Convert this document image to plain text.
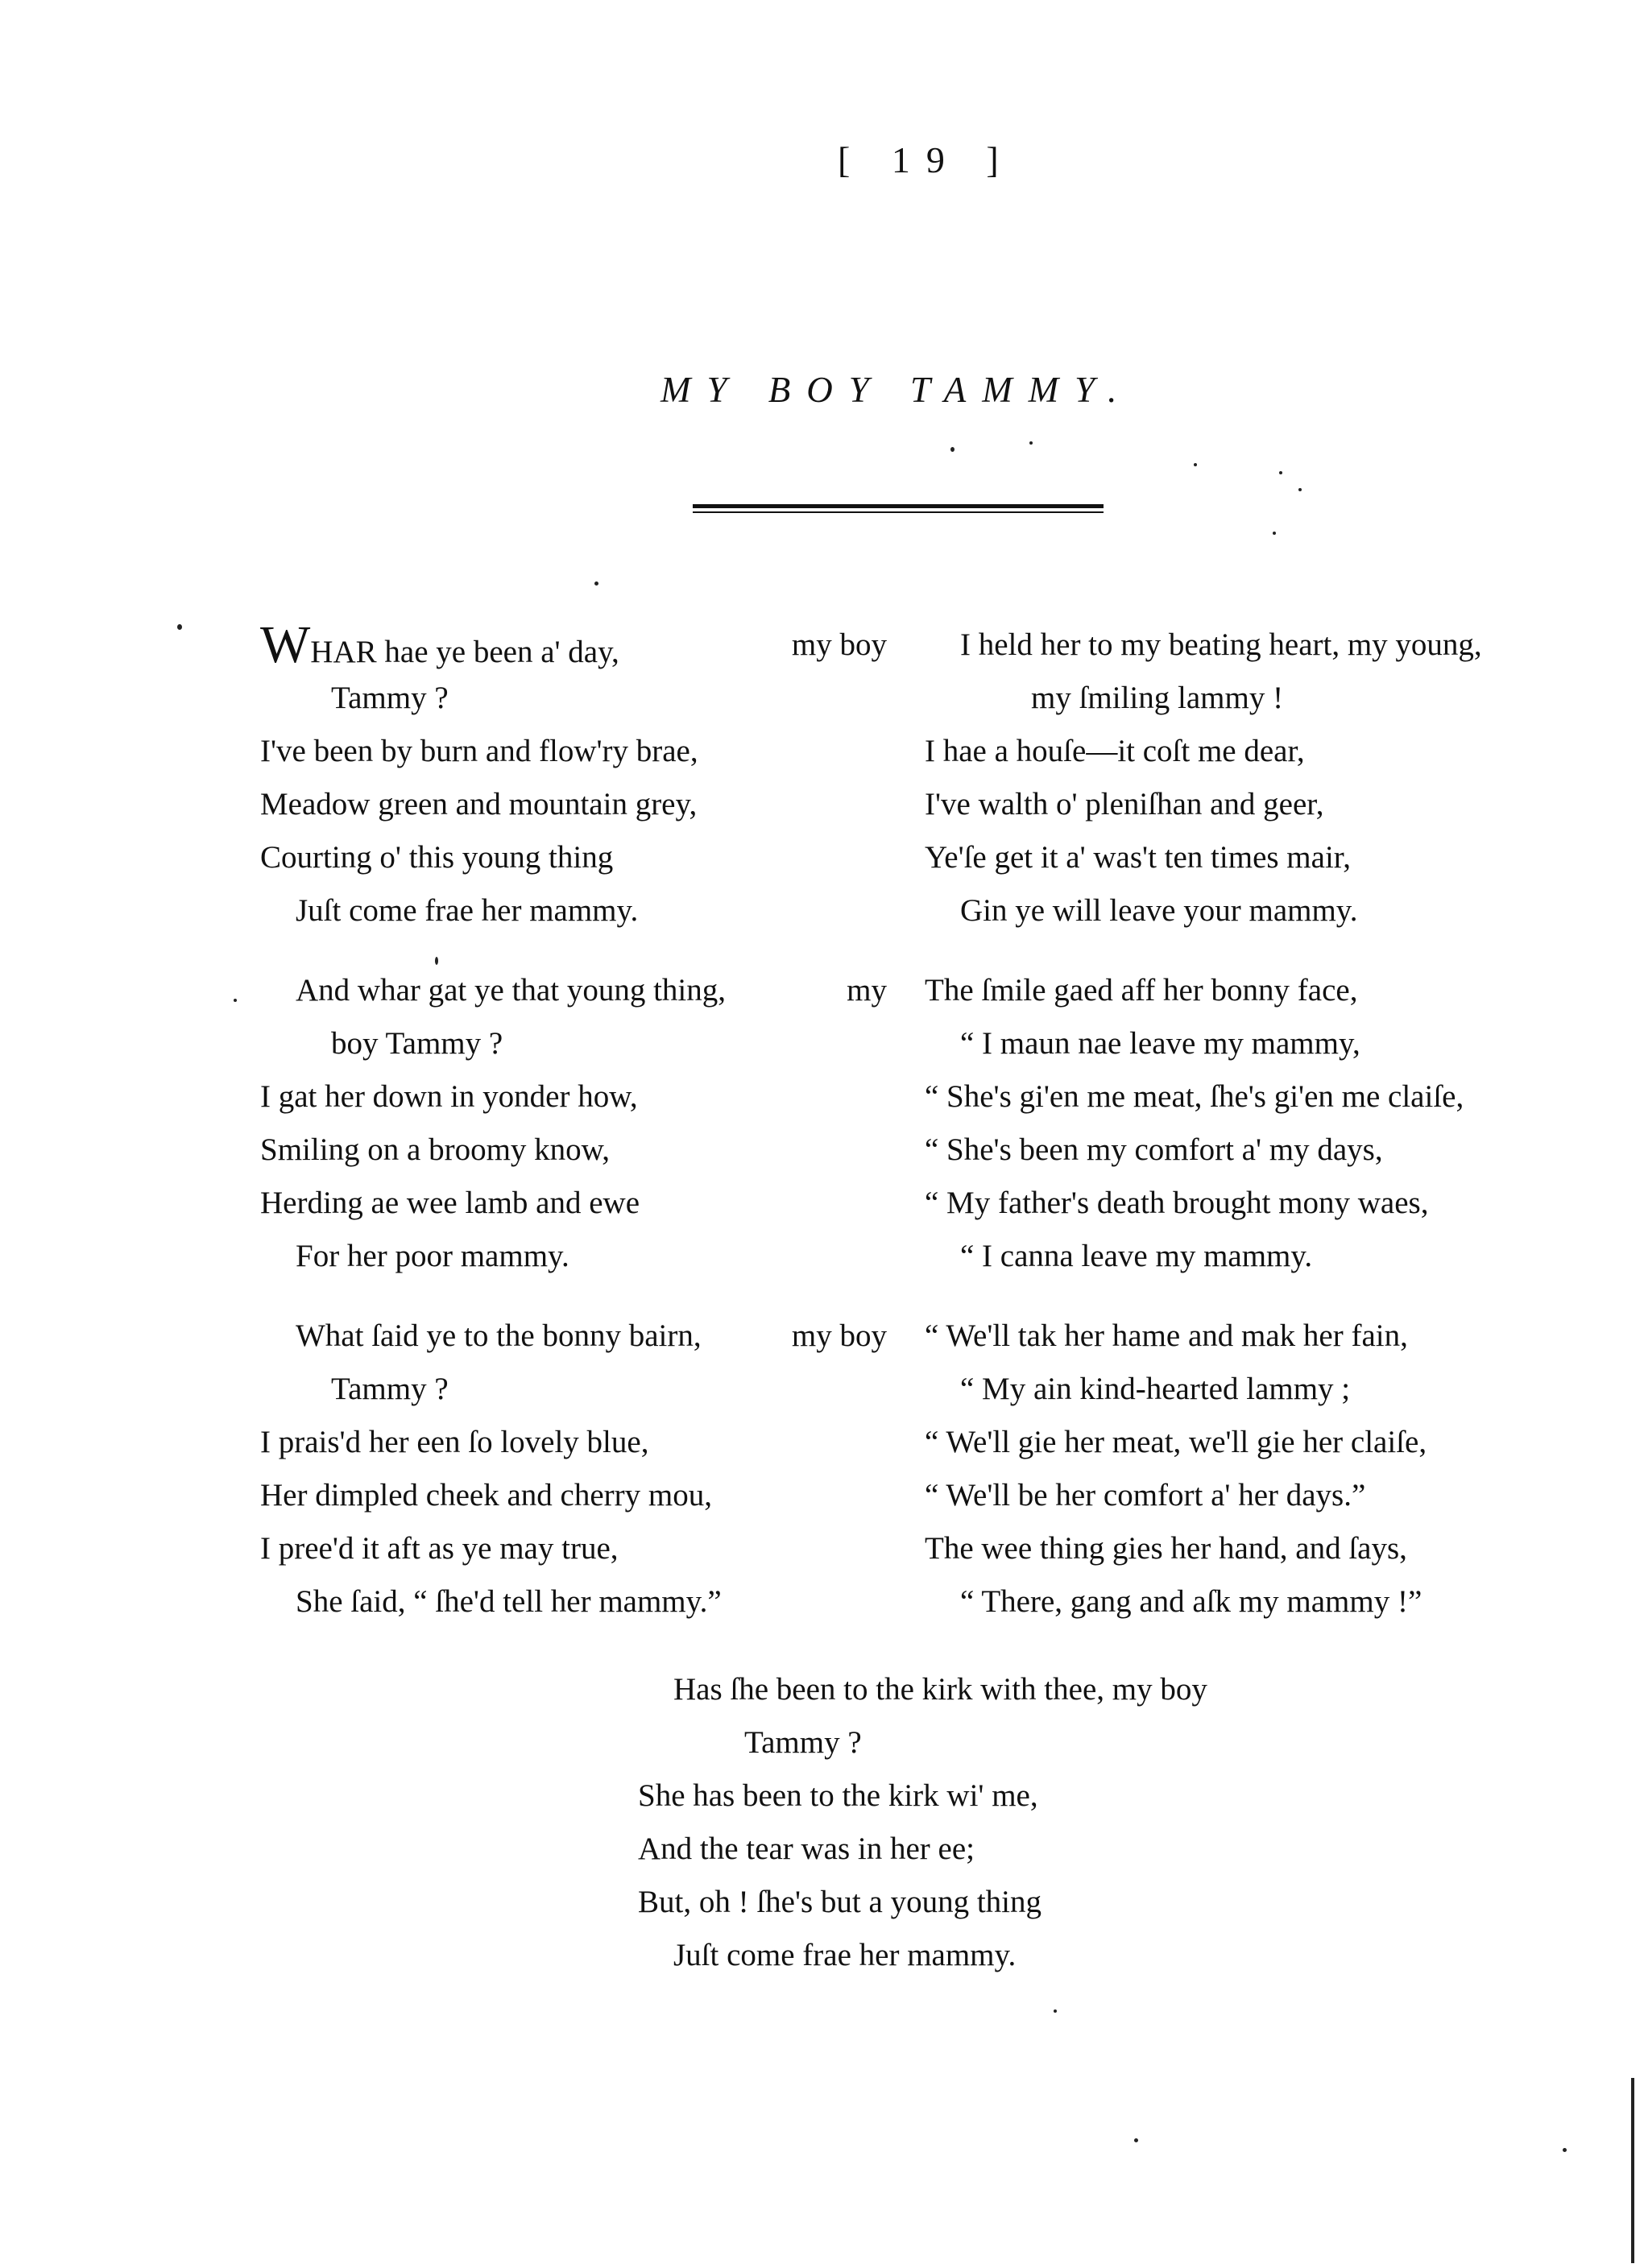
[ 19 ]
MY BOY TAMMY.
WHAR hae ye been a' day,	my boy
Tammy ?
I've been by burn and flow'ry brae,
Meadow green and mountain grey,
Courting o' this young thing
Juſt come frae her mammy.
And whar gat ye that young thing,	my
boy Tammy ?
I gat her down in yonder how,
Smiling on a broomy know,
Herding ae wee lamb and ewe
For her poor mammy.
What ſaid ye to the bonny bairn,	my boy
Tammy ?
I prais'd her een ſo lovely blue,
Her dimpled cheek and cherry mou,
I pree'd it aft as ye may true,
She ſaid, “ ſhe'd tell her mammy.”
I held her to my beating heart, my young,
my ſmiling lammy !
I hae a houſe—it coſt me dear,
I've walth o' pleniſhan and geer,
Ye'ſe get it a' was't ten times mair,
Gin ye will leave your mammy.
The ſmile gaed aff her bonny face,
“ I maun nae leave my mammy,
“ She's gi'en me meat, ſhe's gi'en me claiſe,
“ She's been my comfort a' my days,
“ My father's death brought mony waes,
“ I canna leave my mammy.
“ We'll tak her hame and mak her fain,
“ My ain kind-hearted lammy ;
“ We'll gie her meat, we'll gie her claiſe,
“ We'll be her comfort a' her days.”
The wee thing gies her hand, and ſays,
“ There, gang and aſk my mammy !”
Has ſhe been to the kirk with thee, my boy
Tammy ?
She has been to the kirk wi' me,
And the tear was in her ee;
But, oh ! ſhe's but a young thing
Juſt come frae her mammy.
